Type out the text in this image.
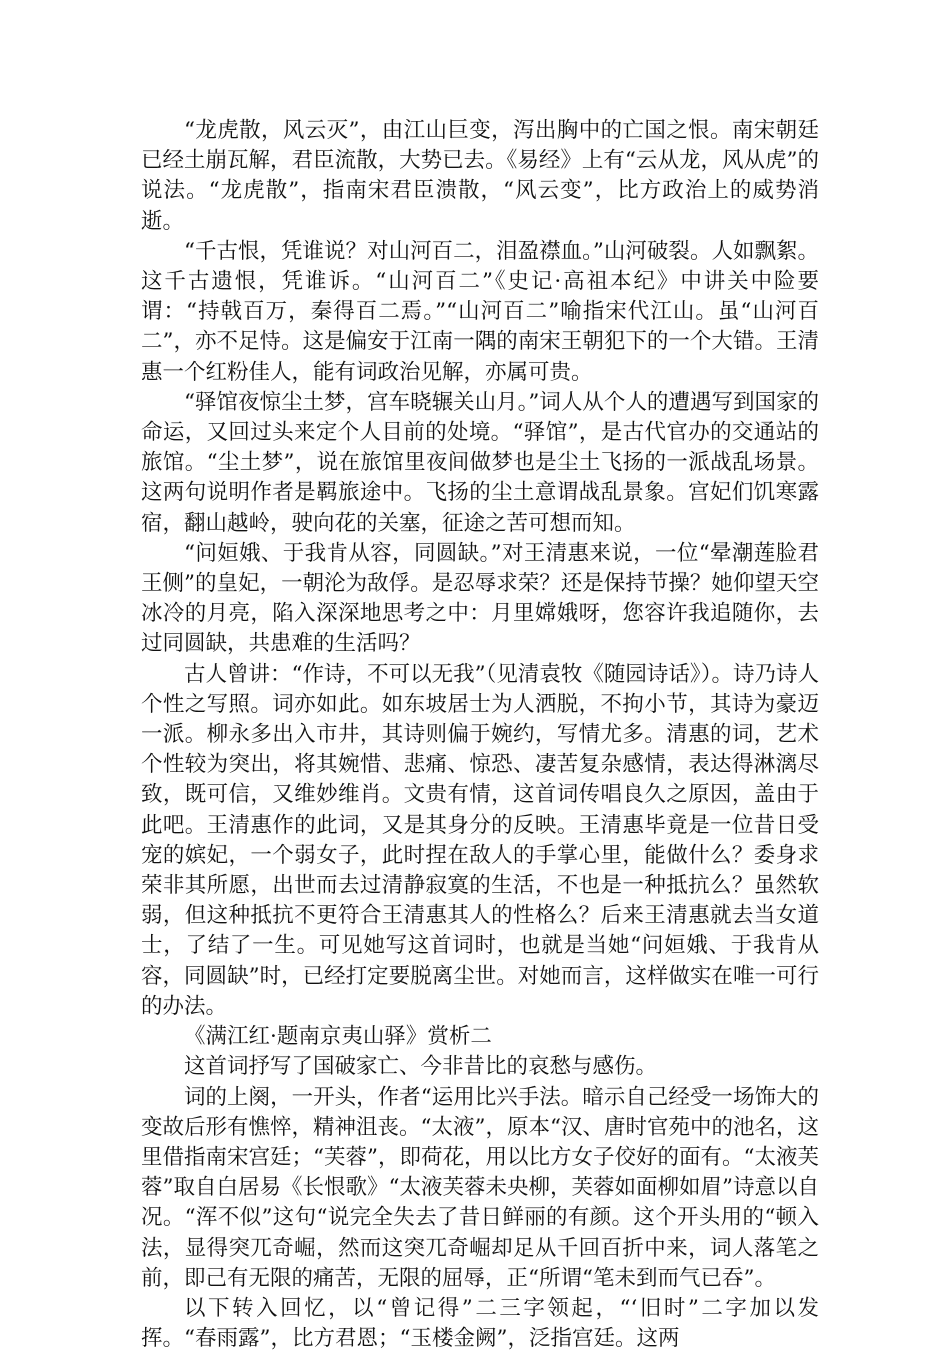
“龙虎散，风云灭”，由江山巨变，泻出胸中的亡国之恨。南宋朝廷已经土崩瓦解，君臣流散，大势已去。《易经》上有“云从龙，风从虎”的说法。“龙虎散”，指南宋君臣溃散，“风云变”，比方政治上的威势消逝。

“千古恨，凭谁说？对山河百二，泪盈襟血。”山河破裂。人如飘絮。这千古遗恨，凭谁诉。“山河百二”《史记·高祖本纪》中讲关中险要谓：“持戟百万，秦得百二焉。”“山河百二”喻指宋代江山。虽“山河百二”，亦不足恃。这是偏安于江南一隅的南宋王朝犯下的一个大错。王清惠一个红粉佳人，能有词政治见解，亦属可贵。

“驿馆夜惊尘土梦，宫车晓辗关山月。”词人从个人的遭遇写到国家的命运，又回过头来定个人目前的处境。“驿馆”，是古代官办的交通站的旅馆。“尘土梦”，说在旅馆里夜间做梦也是尘土飞扬的一派战乱场景。这两句说明作者是羁旅途中。飞扬的尘土意谓战乱景象。宫妃们饥寒露宿，翻山越岭，驶向花的关塞，征途之苦可想而知。

“问姮娥、于我肯从容，同圆缺。”对王清惠来说，一位“晕潮莲脸君王侧”的皇妃，一朝沦为敌俘。是忍辱求荣？还是保持节操？她仰望天空冰冷的月亮，陷入深深地思考之中：月里嫦娥呀，您容许我追随你，去过同圆缺，共患难的生活吗？

古人曾讲：“作诗，不可以无我”（见清袁牧《随园诗话》）。诗乃诗人个性之写照。词亦如此。如东坡居士为人洒脱，不拘小节，其诗为豪迈一派。柳永多出入市井，其诗则偏于婉约，写情尤多。清惠的词，艺术个性较为突出，将其婉惜、悲痛、惊恐、凄苦复杂感情，表达得淋漓尽致，既可信，又维妙维肖。文贵有情，这首词传唱良久之原因，盖由于此吧。王清惠作的此词，又是其身分的反映。王清惠毕竟是一位昔日受宠的嫔妃，一个弱女子，此时捏在敌人的手掌心里，能做什么？委身求荣非其所愿，出世而去过清静寂寞的生活，不也是一种抵抗么？虽然软弱，但这种抵抗不更符合王清惠其人的性格么？后来王清惠就去当女道士，了结了一生。可见她写这首词时，也就是当她“问姮娥、于我肯从容，同圆缺”时，已经打定要脱离尘世。对她而言，这样做实在唯一可行的办法。

《满江红·题南京夷山驿》赏析二

这首词抒写了国破家亡、今非昔比的哀愁与感伤。

词的上阕，一开头，作者“运用比兴手法。暗示自己经受一场饰大的变故后形有憔悴，精神沮丧。“太液”，原本“汉、唐时官苑中的池名，这里借指南宋宫廷；“芙蓉”，即荷花，用以比方女子佼好的面有。“太液芙蓉”取自白居易《长恨歌》“太液芙蓉未央柳，芙蓉如面柳如眉”诗意以自况。“浑不似”这句“说完全失去了昔日鲜丽的有颜。这个开头用的“顿入法，显得突兀奇崛，然而这突兀奇崛却足从千回百折中来，词人落笔之前，即己有无限的痛苦，无限的屈辱，正“所谓“笔未到而气已吞”。

以下转入回忆，以“曾记得”二三字领起，“‘旧时”二字加以发挥。“春雨露”，比方君恩；“玉楼金阙”，泛指宫廷。这两
